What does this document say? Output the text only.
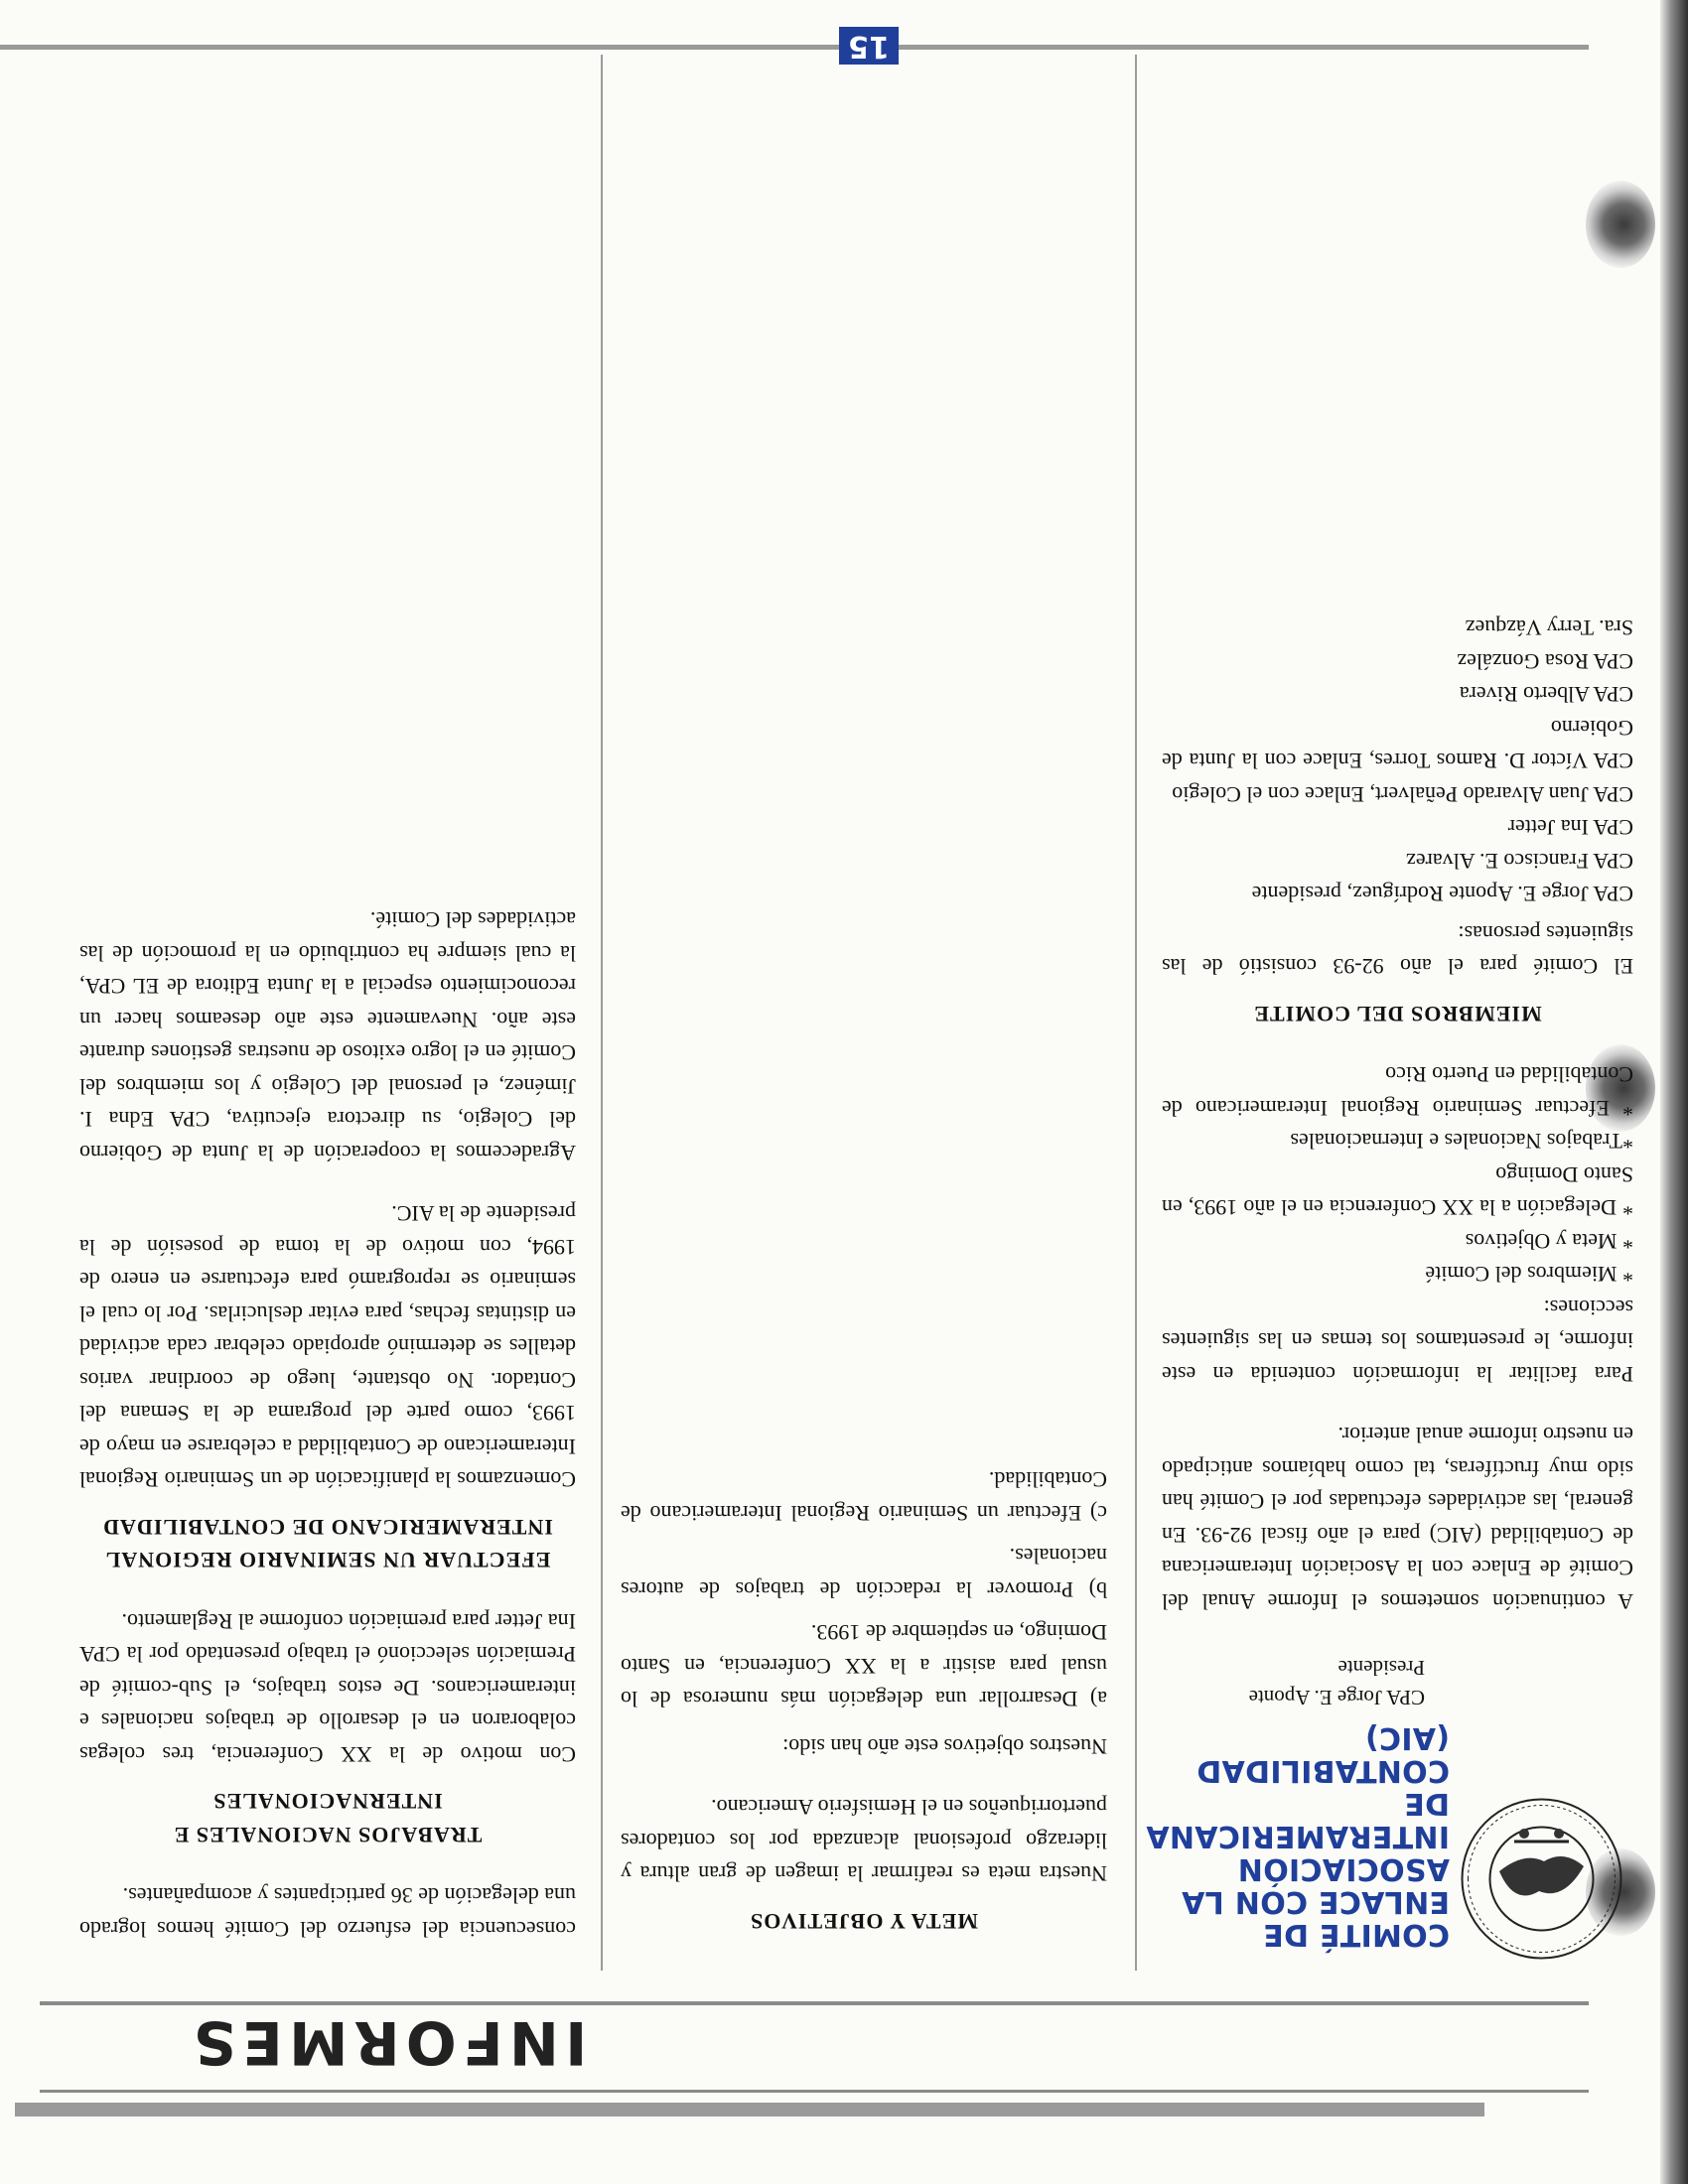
INFORMES
COMITÉ DE ENLACE CON LA ASOCIACIÓN INTERAMERICANA DE CONTABILIDAD (AIC)
CPA Jorge E. Aponte
Presidente

A continuación sometemos el Informe Anual del Comité de Enlace con la Asociación Interamericana de Contabilidad (AIC) para el año fiscal 92-93. En general, las actividades efectuadas por el Comité han sido muy fructíferas, tal como habíamos anticipado en nuestro informe anual anterior.

Para facilitar la información contenida en este informe, le presentamos los temas en las siguientes secciones:

* Miembros del Comité
* Meta y Objetivos
* Delegación a la XX Conferencia en el año 1993, en Santo Domingo
*Trabajos Nacionales e Internacionales
* Efectuar Seminario Regional Interamericano de Contabilidad en Puerto Rico
MIEMBROS DEL COMITE

El Comité para el año 92-93 consistió de las siguientes personas:

CPA Jorge E. Aponte Rodríguez, presidente
CPA Francisco E. Alvarez
CPA Ina Jetter
CPA Juan Alvarado Peñalvert, Enlace con el Colegio
CPA Víctor D. Ramos Torres, Enlace con la Junta de Gobierno
CPA Alberto Rivera
CPA Rosa González
Sra. Terry Vázquez
META Y OBJETIVOS

Nuestra meta es reafirmar la imagen de gran altura y liderazgo profesional alcanzada por los contadores puertorriqueños en el Hemisferio Americano.

Nuestros objetivos este año han sido:

a) Desarrollar una delegación más numerosa de lo usual para asistir a la XX Conferencia, en Santo Domingo, en septiembre de 1993.

b) Promover la redacción de trabajos de autores nacionales.

c) Efectuar un Seminario Regional Interamericano de Contabilidad.

consecuencia del esfuerzo del Comité hemos logrado una delegación de 36 participantes y acompañantes.

TRABAJOS NACIONALES E INTERNACIONALES

Con motivo de la XX Conferencia, tres colegas colaboraron en el desarollo de trabajos nacionales e interamericanos. De estos trabajos, el Sub-comité de Premiación seleccionó el trabajo presentado por la CPA Ina Jetter para premiación conforme al Reglamento.

EFECTUAR UN SEMINARIO REGIONAL INTERAMERICANO DE CONTABILIDAD

Comenzamos la planificación de un Seminario Regional Interamericano de Contabilidad a celebrarse en mayo de 1993, como parte del programa de la Semana del Contador. No obstante, luego de coordinar varios detalles se determinó apropiado celebrar cada actividad en distintas fechas, para evitar deslucirlas. Por lo cual el seminario se reprogramó para efectuarse en enero de 1994, con motivo de la toma de posesión de la presidente de la AIC.

Agradecemos la cooperación de la Junta de Gobierno del Colegio, su directora ejecutiva, CPA Edna I. Jiménez, el personal del Colegio y los miembros del Comité en el logro exitoso de nuestras gestiones durante este año. Nuevamente este año deseamos hacer un reconocimiento especial a la Junta Editora de EL CPA, la cual siempre ha contribuido en la promoción de las actividades del Comité.

15
